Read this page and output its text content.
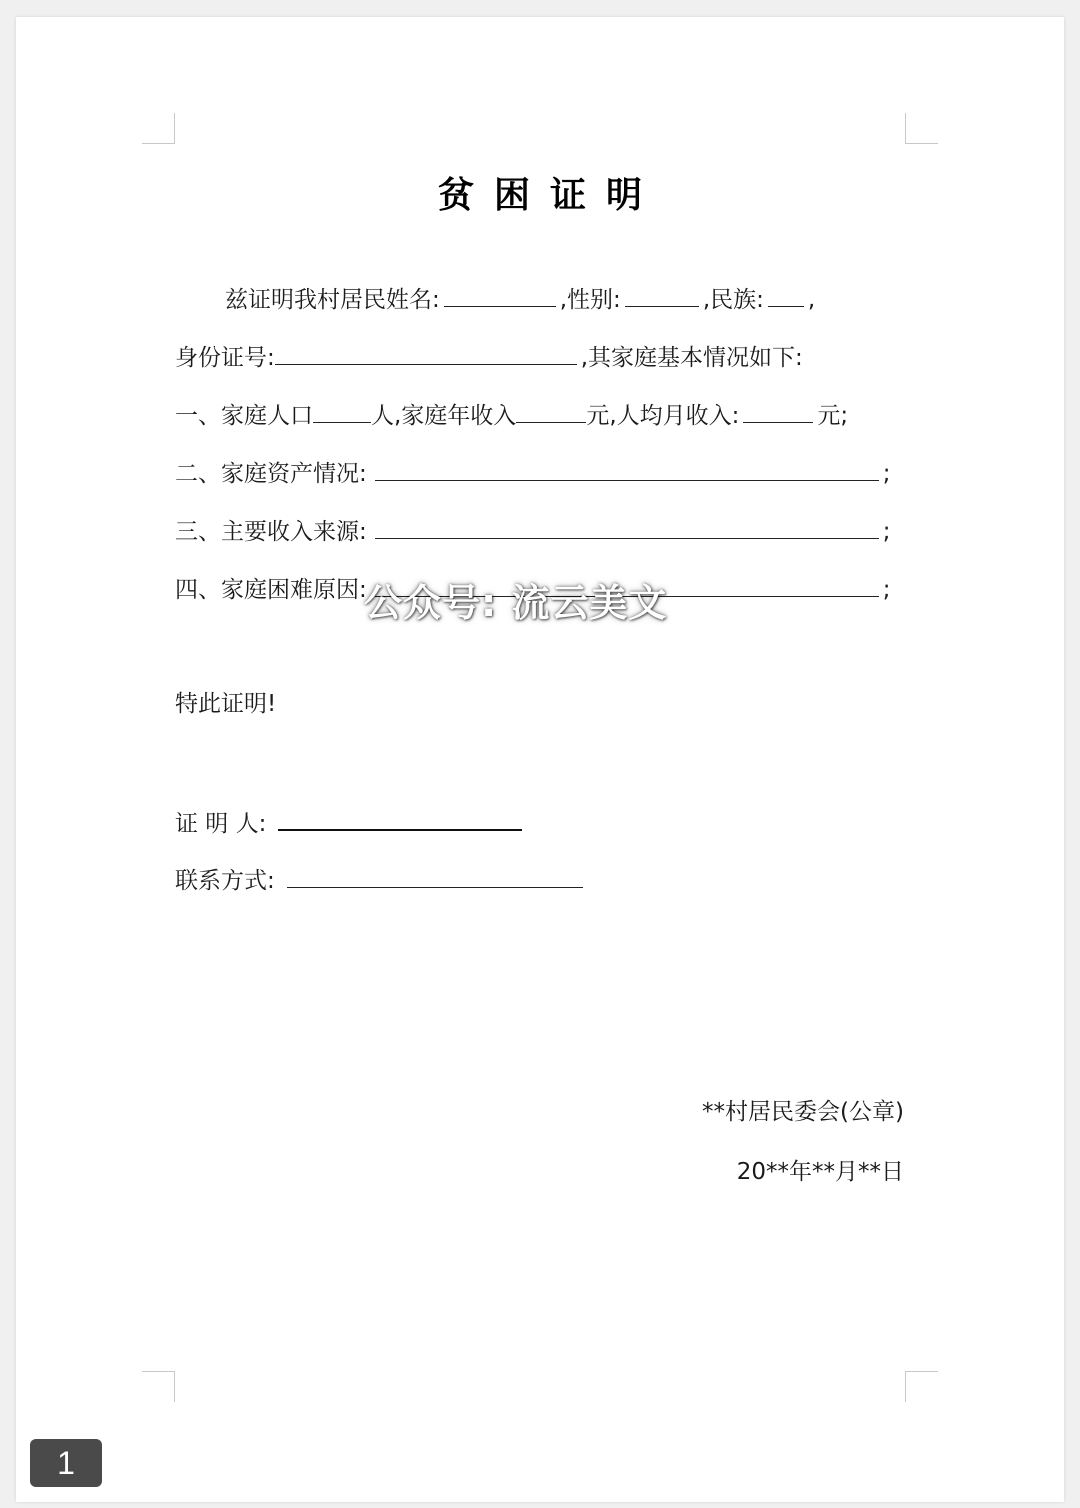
贫困证明
兹证明我村居民姓名:	,性别:	,民族: ,
身份证号:	,其家庭基本情况如下:
一、家庭人口	人,家庭年收入	元,人均月收入:	元;
二、家庭资产情况:	;
三、主要收入来源:	;
四、家庭困难原因:	;
特此证明!
证 明 人:
联系方式:
**村居民委会(公章)
20**年**月**日
公众号: 流云美文
1
